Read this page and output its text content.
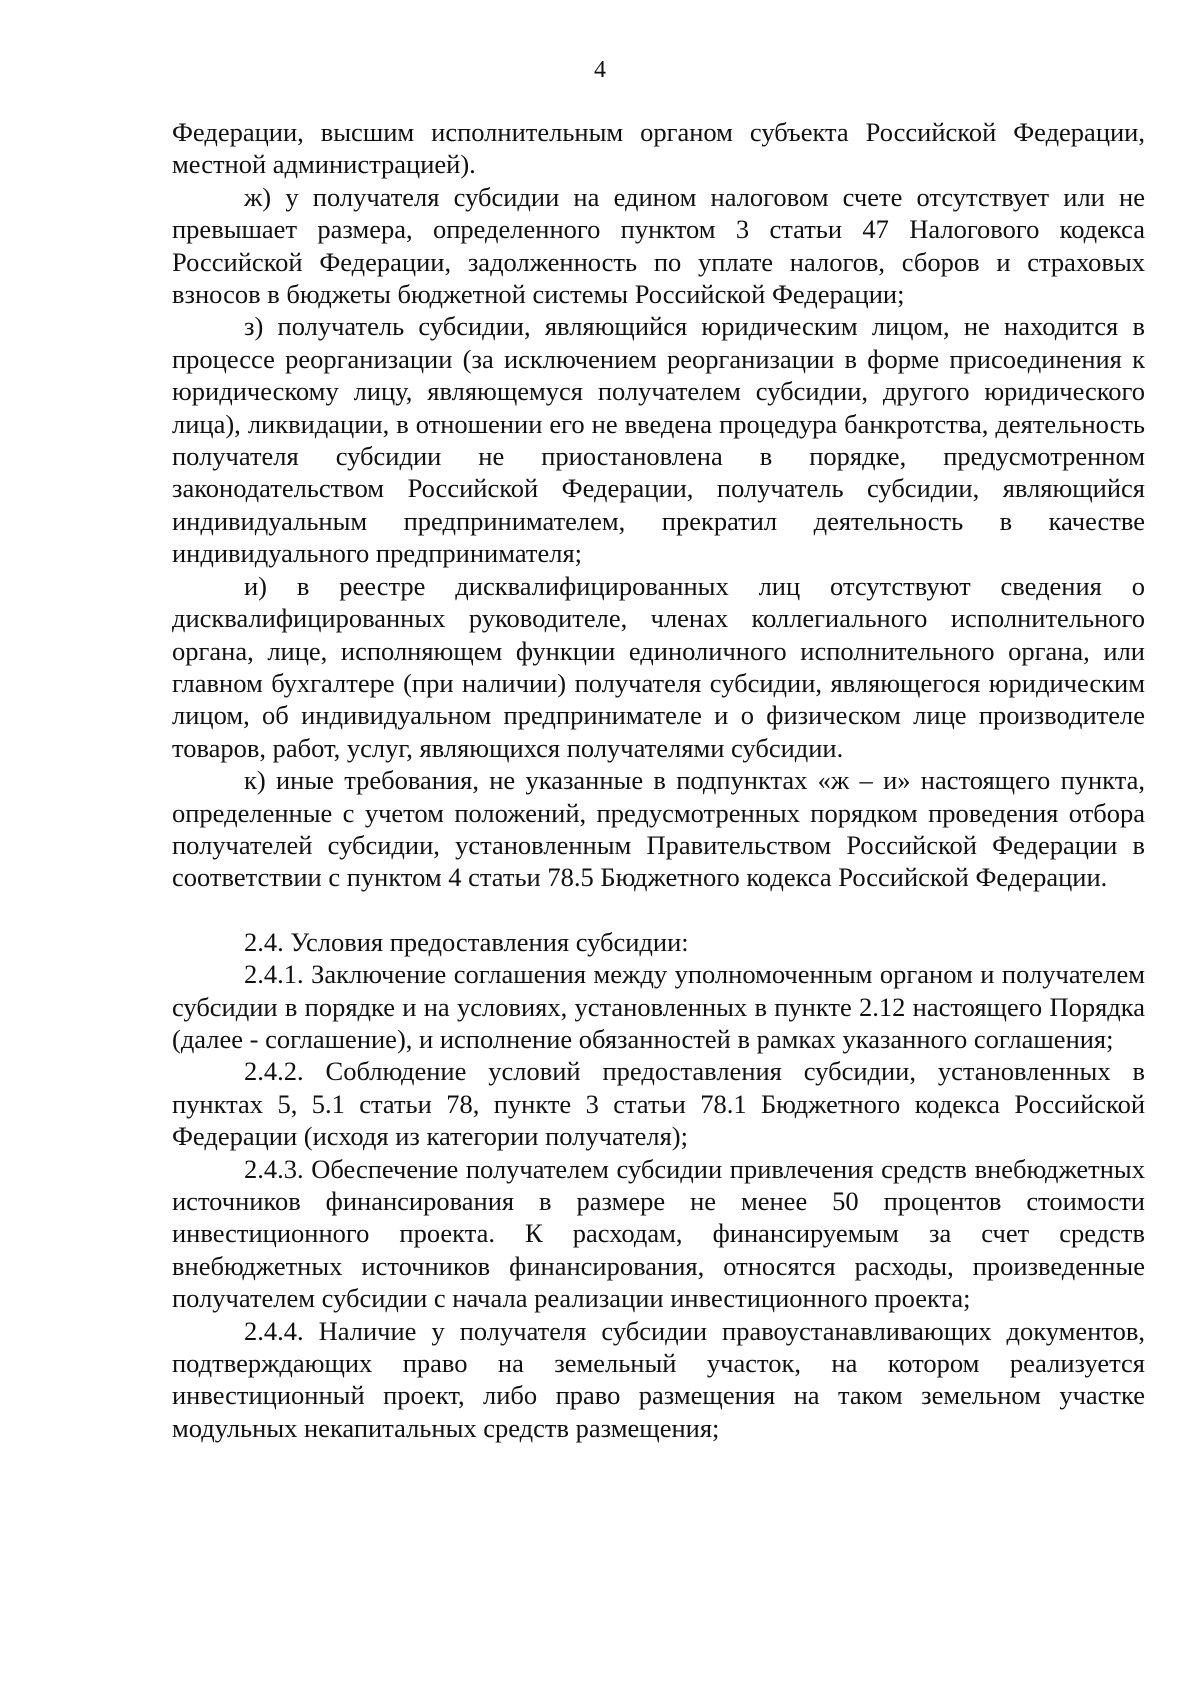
4

Федерации, высшим исполнительным органом субъекта Российской Федерации, местной администрацией).

ж) у получателя субсидии на едином налоговом счете отсутствует или не превышает размера, определенного пунктом 3 статьи 47 Налогового кодекса Российской Федерации, задолженность по уплате налогов, сборов и страховых взносов в бюджеты бюджетной системы Российской Федерации;

з) получатель субсидии, являющийся юридическим лицом, не находится в процессе реорганизации (за исключением реорганизации в форме присоединения к юридическому лицу, являющемуся получателем субсидии, другого юридического лица), ликвидации, в отношении его не введена процедура банкротства, деятельность получателя субсидии не приостановлена в порядке, предусмотренном законодательством Российской Федерации, получатель субсидии, являющийся индивидуальным предпринимателем, прекратил деятельность в качестве индивидуального предпринимателя;

и) в реестре дисквалифицированных лиц отсутствуют сведения о дисквалифицированных руководителе, членах коллегиального исполнительного органа, лице, исполняющем функции единоличного исполнительного органа, или главном бухгалтере (при наличии) получателя субсидии, являющегося юридическим лицом, об индивидуальном предпринимателе и о физическом лице производителе товаров, работ, услуг, являющихся получателями субсидии.

к) иные требования, не указанные в подпунктах «ж – и» настоящего пункта, определенные с учетом положений, предусмотренных порядком проведения отбора получателей субсидии, установленным Правительством Российской Федерации в соответствии с пунктом 4 статьи 78.5 Бюджетного кодекса Российской Федерации.

2.4. Условия предоставления субсидии:

2.4.1. Заключение соглашения между уполномоченным органом и получателем субсидии в порядке и на условиях, установленных в пункте 2.12 настоящего Порядка (далее - соглашение), и исполнение обязанностей в рамках указанного соглашения;

2.4.2. Соблюдение условий предоставления субсидии, установленных в пунктах 5, 5.1 статьи 78, пункте 3 статьи 78.1 Бюджетного кодекса Российской Федерации (исходя из категории получателя);

2.4.3. Обеспечение получателем субсидии привлечения средств внебюджетных источников финансирования в размере не менее 50 процентов стоимости инвестиционного проекта. К расходам, финансируемым за счет средств внебюджетных источников финансирования, относятся расходы, произведенные получателем субсидии с начала реализации инвестиционного проекта;

2.4.4. Наличие у получателя субсидии правоустанавливающих документов, подтверждающих право на земельный участок, на котором реализуется инвестиционный проект, либо право размещения на таком земельном участке модульных некапитальных средств размещения;
